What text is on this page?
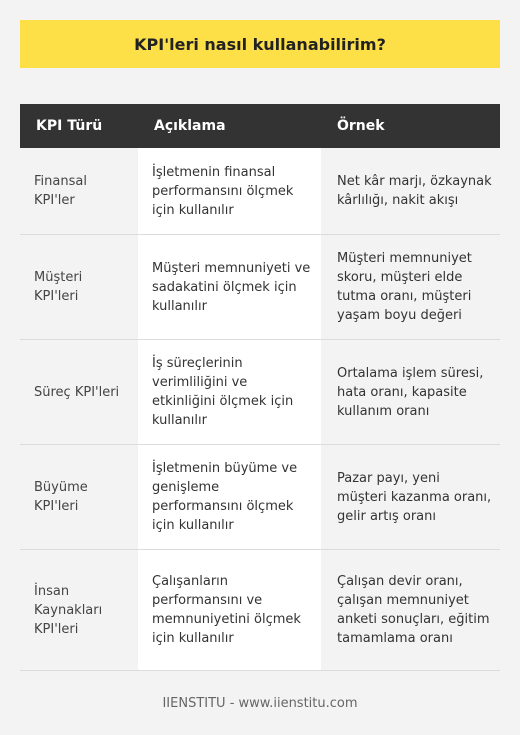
KPI'leri nasıl kullanabilirim?
KPI Türü	Açıklama	Örnek
Finansal KPI'ler	İşletmenin finansal performansını ölçmek için kullanılır	Net kâr marjı, özkaynak kârlılığı, nakit akışı
Müşteri KPI'leri	Müşteri memnuniyeti ve sadakatini ölçmek için kullanılır	Müşteri memnuniyet skoru, müşteri elde tutma oranı, müşteri yaşam boyu değeri
Süreç KPI'leri	İş süreçlerinin verimliliğini ve etkinliğini ölçmek için kullanılır	Ortalama işlem süresi, hata oranı, kapasite kullanım oranı
Büyüme KPI'leri	İşletmenin büyüme ve genişleme performansını ölçmek için kullanılır	Pazar payı, yeni müşteri kazanma oranı, gelir artış oranı
İnsan Kaynakları KPI'leri	Çalışanların performansını ve memnuniyetini ölçmek için kullanılır	Çalışan devir oranı, çalışan memnuniyet anketi sonuçları, eğitim tamamlama oranı
IIENSTITU - www.iienstitu.com
